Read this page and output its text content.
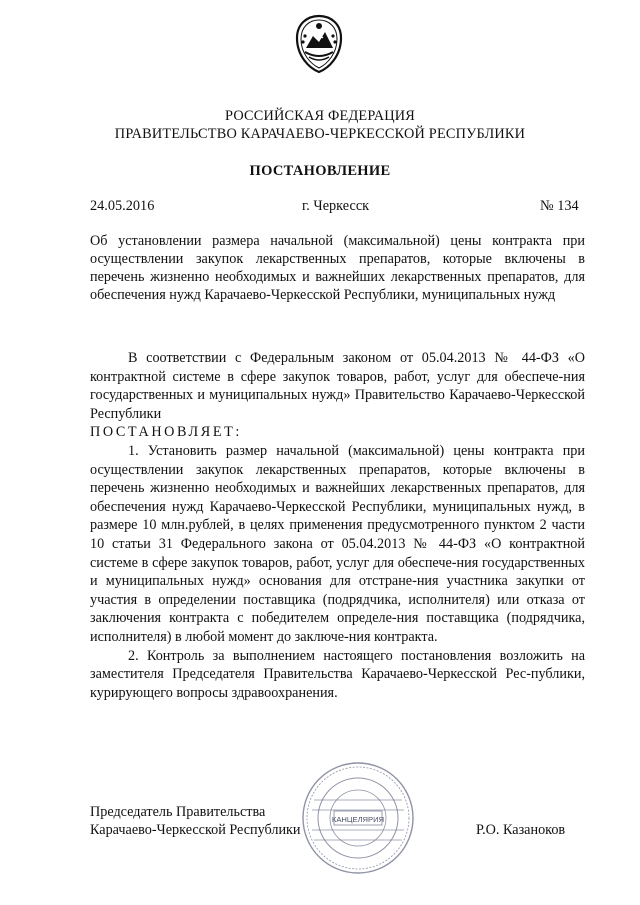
РОССИЙСКАЯ ФЕДЕРАЦИЯ
ПРАВИТЕЛЬСТВО КАРАЧАЕВО-ЧЕРКЕССКОЙ РЕСПУБЛИКИ
ПОСТАНОВЛЕНИЕ
24.05.2016	г. Черкесск	№ 134
Об установлении размера начальной (максимальной) цены контракта при осуществлении закупок лекарственных препаратов, которые включены в перечень жизненно необходимых и важнейших лекарственных препаратов, для обеспечения нужд Карачаево-Черкесской Республики, муниципальных нужд

В соответствии с Федеральным законом от 05.04.2013 № 44-ФЗ «О контрактной системе в сфере закупок товаров, работ, услуг для обеспече-ния государственных и муниципальных нужд» Правительство Карачаево-Черкесской Республики

ПОСТАНОВЛЯЕТ:

1. Установить размер начальной (максимальной) цены контракта при осуществлении закупок лекарственных препаратов, которые включены в перечень жизненно необходимых и важнейших лекарственных препаратов, для обеспечения нужд Карачаево-Черкесской Республики, муниципальных нужд, в размере 10 млн.рублей, в целях применения предусмотренного пунктом 2 части 10 статьи 31 Федерального закона от 05.04.2013 № 44-ФЗ «О контрактной системе в сфере закупок товаров, работ, услуг для обеспече-ния государственных и муниципальных нужд» основания для отстране-ния участника закупки от участия в определении поставщика (подрядчика, исполнителя) или отказа от заключения контракта с победителем определе-ния поставщика (подрядчика, исполнителя) в любой момент до заключе-ния контракта.

2. Контроль за выполнением настоящего постановления возложить на заместителя Председателя Правительства Карачаево-Черкесской Рес-публики, курирующего вопросы здравоохранения.

КАНЦЕЛЯРИЯ
Председатель Правительства
Карачаево-Черкесской Республики	Р.О. Казаноков
